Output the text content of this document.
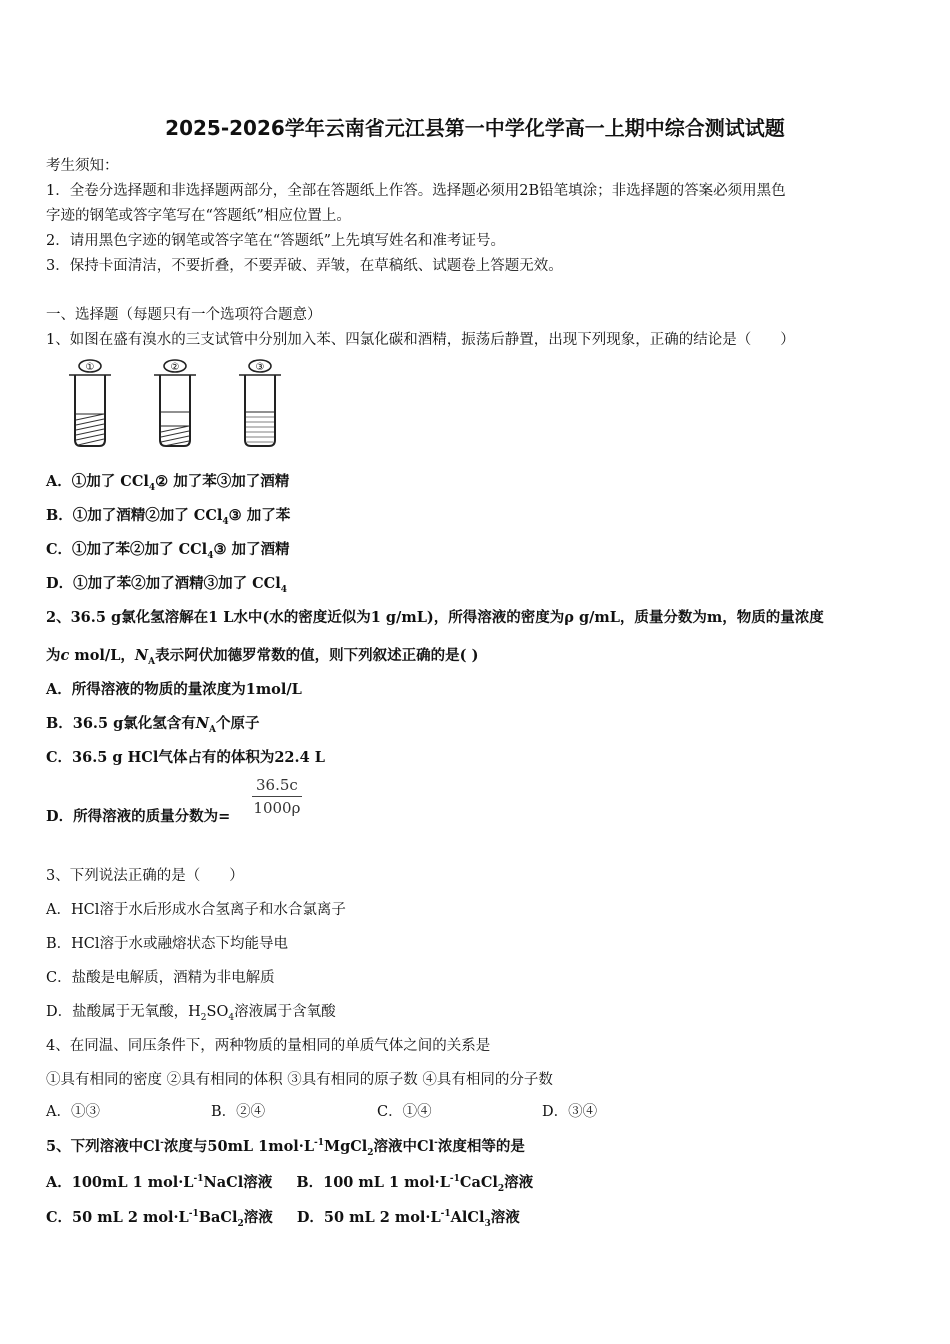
2025-2026学年云南省元江县第一中学化学高一上期中综合测试试题
考生须知：
1．全卷分选择题和非选择题两部分，全部在答题纸上作答。选择题必须用2B铅笔填涂；非选择题的答案必须用黑色
字迹的钢笔或答字笔写在“答题纸”相应位置上。
2．请用黑色字迹的钢笔或答字笔在“答题纸”上先填写姓名和准考证号。
3．保持卡面清洁，不要折叠，不要弄破、弄皱，在草稿纸、试题卷上答题无效。
一、选择题（每题只有一个选项符合题意）
1、如图在盛有溴水的三支试管中分别加入苯、四氯化碳和酒精，振荡后静置，出现下列现象，正确的结论是（　　）
①	②	③
A．①加了 CCl$_4$② 加了苯③加了酒精
B．①加了酒精②加了 CCl$_4$③ 加了苯
C．①加了苯②加了 CCl$_4$③ 加了酒精
D．①加了苯②加了酒精③加了 CCl$_4$
2、36.5 g氯化氢溶解在1 L水中(水的密度近似为1 g/mL)，所得溶液的密度为ρ g/mL，质量分数为m，物质的量浓度
为c mol/L，$N_A$表示阿伏加德罗常数的值，则下列叙述正确的是( )
A．所得溶液的物质的量浓度为1mol/L
B．36.5 g氯化氢含有$N_A$个原子
C．36.5 g HCl气体占有的体积为22.4 L
D．所得溶液的质量分数为= $\frac{36.5c}{1000\rho}$
3、下列说法正确的是（　　）
A．HCl溶于水后形成水合氢离子和水合氯离子
B．HCl溶于水或融熔状态下均能导电
C．盐酸是电解质，酒精为非电解质
D．盐酸属于无氧酸，$H_2SO_4$溶液属于含氧酸
4、在同温、同压条件下，两种物质的量相同的单质气体之间的关系是
①具有相同的密度 ②具有相同的体积 ③具有相同的原子数 ④具有相同的分子数
A．①③	B．②④	C．①④	D．③④
5、下列溶液中Cl-浓度与50mL $1mol\cdot L^{-1}MgCl_2$溶液中Cl-浓度相等的是
A．100mL 1 $mol\cdot L^{-1}NaCl$溶液 B．100 mL 1 $mol\cdot L^{-1}CaCl_2$溶液
C．50 mL 2 $mol\cdot L^{-1}BaCl_2$溶液 D．50 mL 2 $mol\cdot L^{-1}AlCl_3$溶液
